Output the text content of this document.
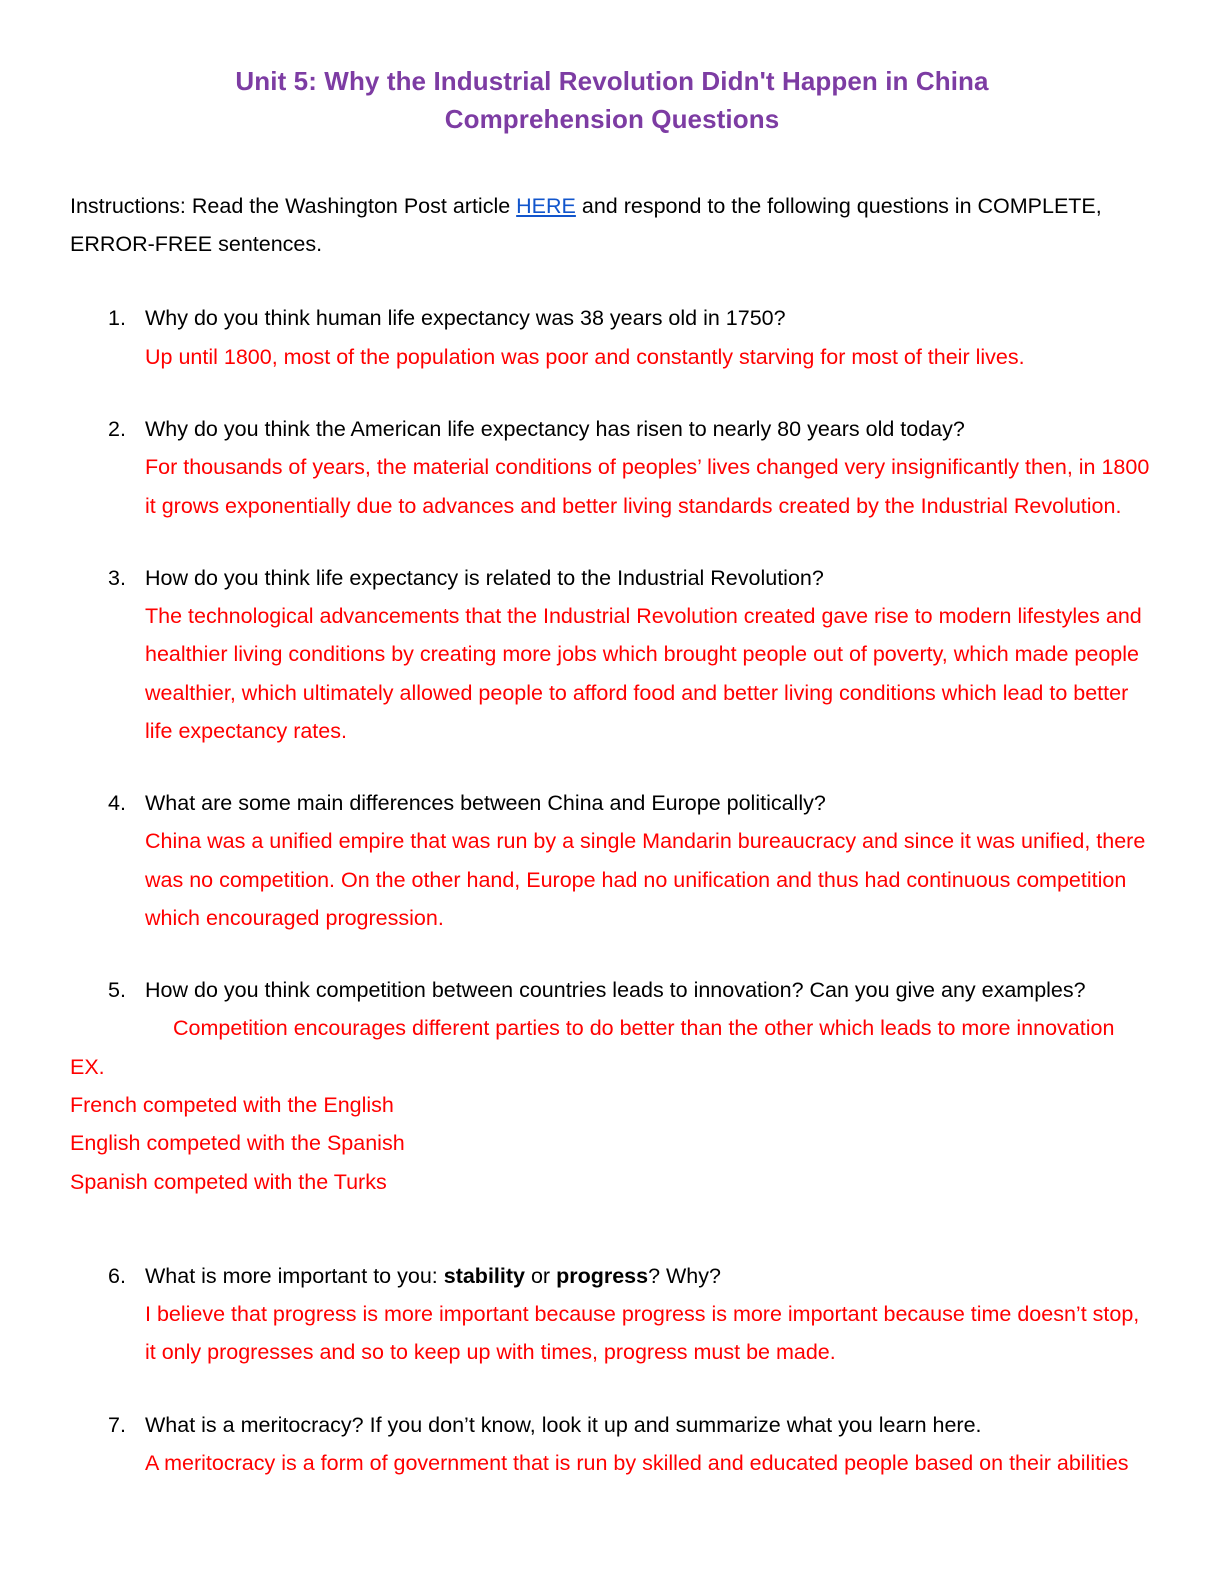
Unit 5: Why the Industrial Revolution Didn't Happen in China
Comprehension Questions

Instructions: Read the Washington Post article HERE and respond to the following questions in COMPLETE, ERROR-FREE sentences.

1. Why do you think human life expectancy was 38 years old in 1750?
Up until 1800, most of the population was poor and constantly starving for most of their lives.
2. Why do you think the American life expectancy has risen to nearly 80 years old today?
For thousands of years, the material conditions of peoples’ lives changed very insignificantly then, in 1800 it grows exponentially due to advances and better living standards created by the Industrial Revolution.
3. How do you think life expectancy is related to the Industrial Revolution?
The technological advancements that the Industrial Revolution created gave rise to modern lifestyles and healthier living conditions by creating more jobs which brought people out of poverty, which made people wealthier, which ultimately allowed people to afford food and better living conditions which lead to better life expectancy rates.
4. What are some main differences between China and Europe politically?
China was a unified empire that was run by a single Mandarin bureaucracy and since it was unified, there was no competition. On the other hand, Europe had no unification and thus had continuous competition which encouraged progression.
5. How do you think competition between countries leads to innovation? Can you give any examples?
Competition encourages different parties to do better than the other which leads to more innovation
EX.
French competed with the English
English competed with the Spanish
Spanish competed with the Turks
6. What is more important to you: stability or progress? Why?
I believe that progress is more important because progress is more important because time doesn’t stop, it only progresses and so to keep up with times, progress must be made.
7. What is a meritocracy? If you don’t know, look it up and summarize what you learn here.
A meritocracy is a form of government that is run by skilled and educated people based on their abilities
